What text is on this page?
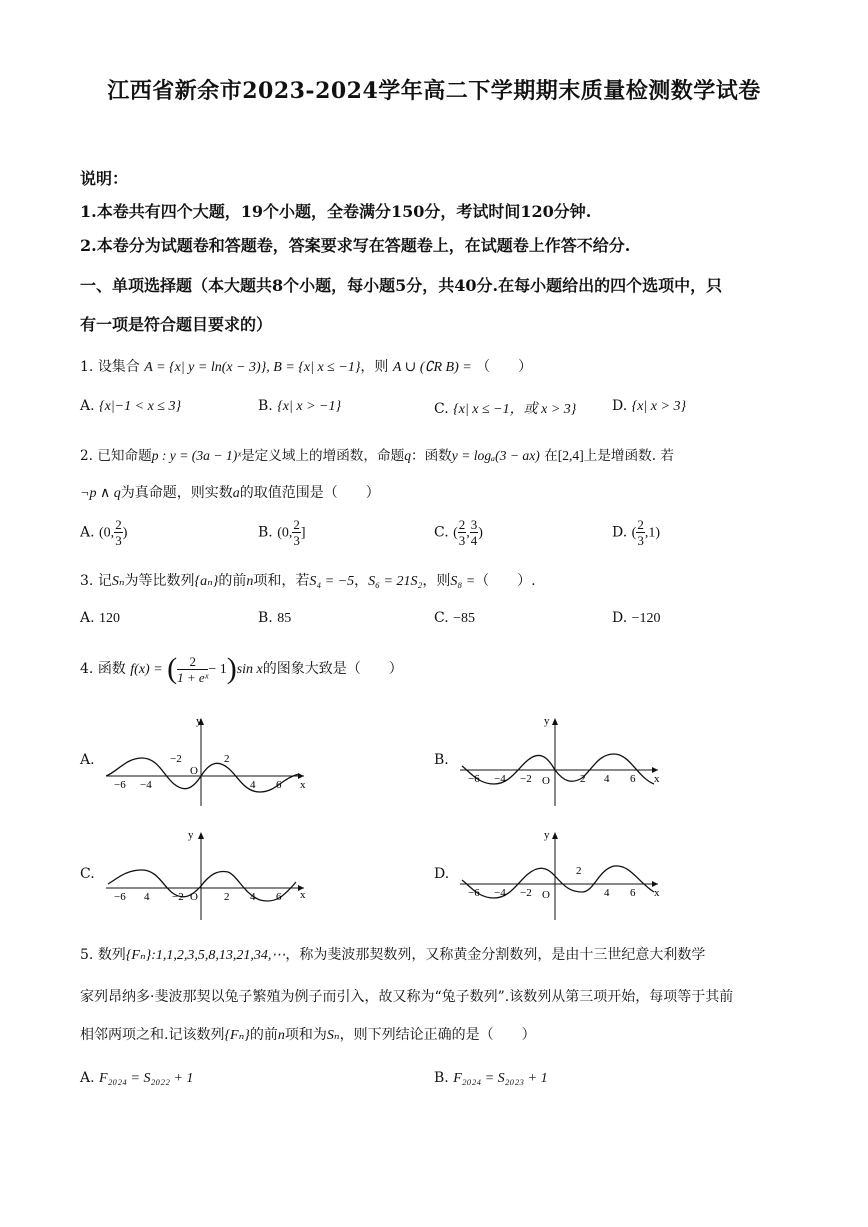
江西省新余市2023-2024学年高二下学期期末质量检测数学试卷
说明：
1.本卷共有四个大题，19个小题，全卷满分150分，考试时间120分钟.
2.本卷分为试题卷和答题卷，答案要求写在答题卷上，在试题卷上作答不给分.
一、单项选择题（本大题共8个小题，每小题5分，共40分.在每小题给出的四个选项中，只
有一项是符合题目要求的）
1. 设集合 A = {x| y = ln(x − 3)}, B = {x| x ≤ −1}，则 A ∪ (∁R B) = （　　）
A. {x|−1 < x ≤ 3}	B. {x| x > −1}	C. {x| x ≤ −1，或 x > 3}	D. {x| x > 3}
2. 已知命题p : y = (3a − 1)ˣ是定义域上的增函数，命题q：函数y = logₐ(3 − ax) 在[2,4]上是增函数. 若
¬p ∧ q为真命题，则实数a的取值范围是（　　）
A. (0, $\frac{2}{3}$ )	B. (0, $\frac{2}{3}$ ]	C. ( $\frac{2}{3}$ , $\frac{3}{4}$ )	D. ( $\frac{2}{3} ,1$)
3. 记Sₙ为等比数列{aₙ}的前n项和，若S₄ = −5，S₆ = 21S₂，则S₈ =（　　）.
A. 120	B. 85	C. −85	D. −120
4. 函数 f(x) = ( $\frac{2}{\text{1 + eˣ}} - 1)\sin$ x的图象大致是（　　）
A.	B.
C.	D.
y
x
O
−6 −4
−2	2
4 6
y
x
O
−6 −4 −2	2 4 6
y
x
O
−6 4 −2	2 4 6
y
x
O
−6 −4 −2
2
4 6
5. 数列{Fₙ}:1,1,2,3,5,8,13,21,34,⋯，称为斐波那契数列，又称黄金分割数列，是由十三世纪意大利数学
家列昂纳多·斐波那契以兔子繁殖为例子而引入，故又称为“兔子数列”.该数列从第三项开始，每项等于其前
相邻两项之和.记该数列{Fₙ}的前n项和为Sₙ，则下列结论正确的是（　　）
A. F₂₀₂₄ = S₂₀₂₂ + 1	B. F₂₀₂₄ = S₂₀₂₃ + 1
